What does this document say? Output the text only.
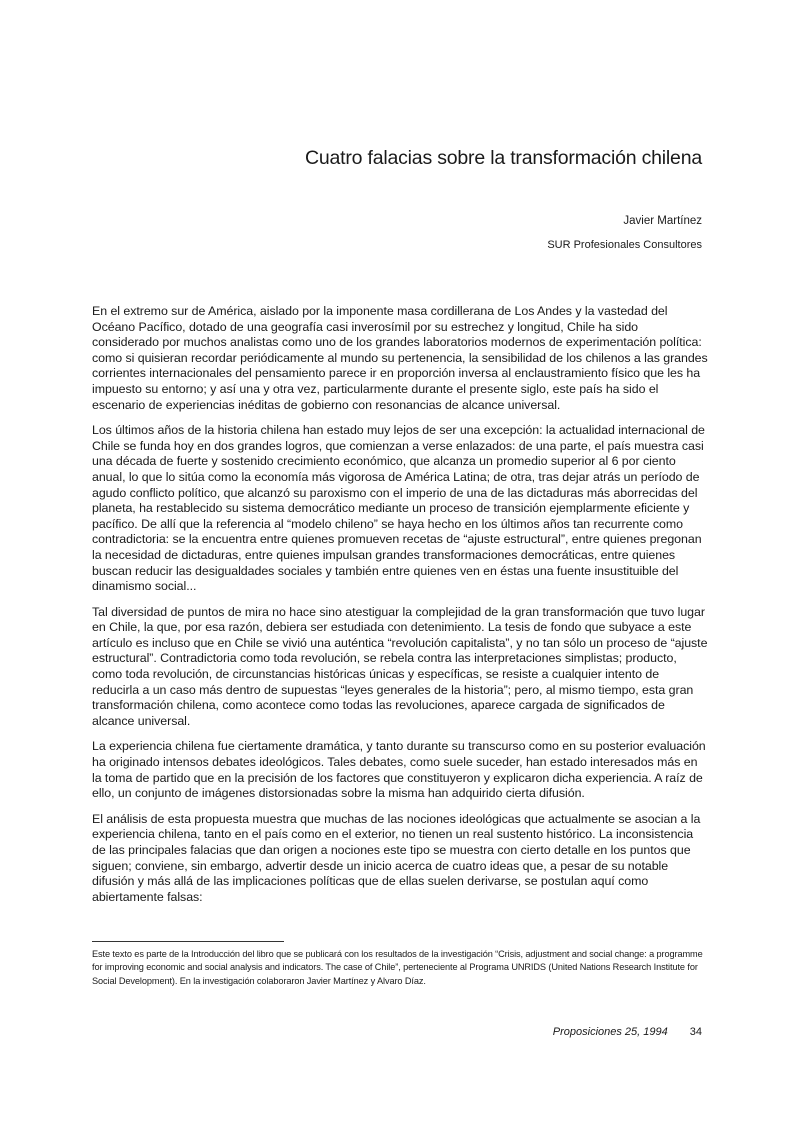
Cuatro falacias sobre la transformación chilena
Javier Martínez
SUR Profesionales Consultores

En el extremo sur de América, aislado por la imponente masa cordillerana de Los Andes y la vastedad del Océano Pacífico, dotado de una geografía casi inverosímil por su estrechez y longitud, Chile ha sido considerado por muchos analistas como uno de los grandes laboratorios modernos de experimentación política: como si quisieran recordar periódicamente al mundo su pertenencia, la sensibilidad de los chilenos a las grandes corrientes internacionales del pensamiento parece ir en proporción inversa al enclaustramiento físico que les ha impuesto su entorno; y así una y otra vez, particularmente durante el presente siglo, este país ha sido el escenario de experiencias inéditas de gobierno con resonancias de alcance universal.

Los últimos años de la historia chilena han estado muy lejos de ser una excepción: la actualidad internacional de Chile se funda hoy en dos grandes logros, que comienzan a verse enlazados: de una parte, el país muestra casi una década de fuerte y sostenido crecimiento económico, que alcanza un promedio superior al 6 por ciento anual, lo que lo sitúa como la economía más vigorosa de América Latina; de otra, tras dejar atrás un período de agudo conflicto político, que alcanzó su paroxismo con el imperio de una de las dictaduras más aborrecidas del planeta, ha restablecido su sistema democrático mediante un proceso de transición ejemplarmente eficiente y pacífico. De allí que la referencia al “modelo chileno” se haya hecho en los últimos años tan recurrente como contradictoria: se la encuentra entre quienes promueven recetas de “ajuste estructural”, entre quienes pregonan la necesidad de dictaduras, entre quienes impulsan grandes transformaciones democráticas, entre quienes buscan reducir las desigualdades sociales y también entre quienes ven en éstas una fuente insustituible del dinamismo social...

Tal diversidad de puntos de mira no hace sino atestiguar la complejidad de la gran transformación que tuvo lugar en Chile, la que, por esa razón, debiera ser estudiada con detenimiento. La tesis de fondo que subyace a este artículo es incluso que en Chile se vivió una auténtica “revolución capitalista”, y no tan sólo un proceso de “ajuste estructural”. Contradictoria como toda revolución, se rebela contra las interpretaciones simplistas; producto, como toda revolución, de circunstancias históricas únicas y específicas, se resiste a cualquier intento de reducirla a un caso más dentro de supuestas “leyes generales de la historia”; pero, al mismo tiempo, esta gran transformación chilena, como acontece como todas las revoluciones, aparece cargada de significados de alcance universal.

La experiencia chilena fue ciertamente dramática, y tanto durante su transcurso como en su posterior evaluación ha originado intensos debates ideológicos. Tales debates, como suele suceder, han estado interesados más en la toma de partido que en la precisión de los factores que constituyeron y explicaron dicha experiencia. A raíz de ello, un conjunto de imágenes distorsionadas sobre la misma han adquirido cierta difusión.

El análisis de esta propuesta muestra que muchas de las nociones ideológicas que actualmente se asocian a la experiencia chilena, tanto en el país como en el exterior, no tienen un real sustento histórico. La inconsistencia de las principales falacias que dan origen a nociones este tipo se muestra con cierto detalle en los puntos que siguen; conviene, sin embargo, advertir desde un inicio acerca de cuatro ideas que, a pesar de su notable difusión y más allá de las implicaciones políticas que de ellas suelen derivarse, se postulan aquí como abiertamente falsas:

Este texto es parte de la Introducción del libro que se publicará con los resultados de la investigación “Crisis, adjustment and social change: a programme for improving economic and social analysis and indicators. The case of Chile”, perteneciente al Programa UNRIDS (United Nations Research Institute for Social Development). En la investigación colaboraron Javier Martínez y Alvaro Díaz.

Proposiciones 25, 1994 34
